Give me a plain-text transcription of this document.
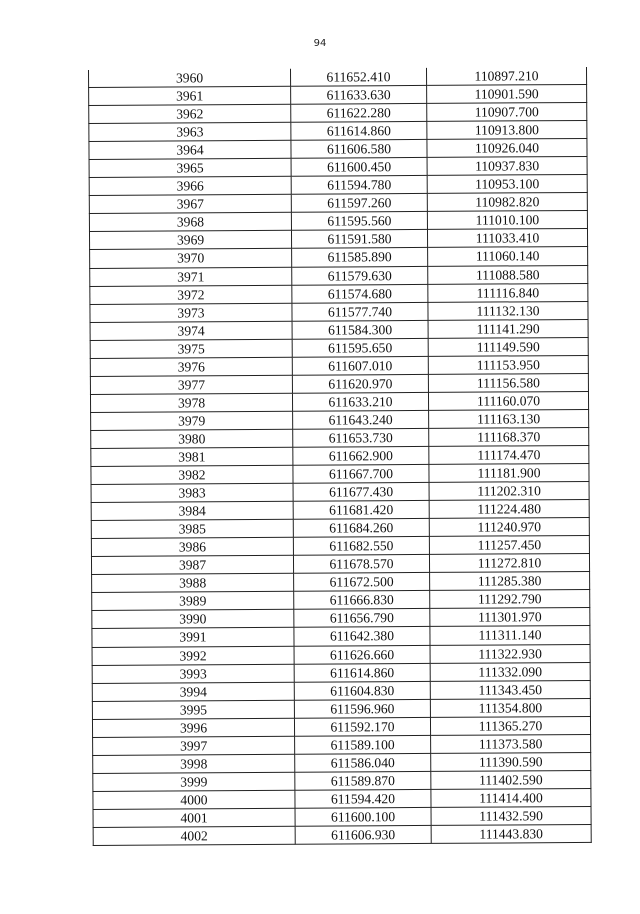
94
3960	611652.410	110897.210
3961	611633.630	110901.590
3962	611622.280	110907.700
3963	611614.860	110913.800
3964	611606.580	110926.040
3965	611600.450	110937.830
3966	611594.780	110953.100
3967	611597.260	110982.820
3968	611595.560	111010.100
3969	611591.580	111033.410
3970	611585.890	111060.140
3971	611579.630	111088.580
3972	611574.680	111116.840
3973	611577.740	111132.130
3974	611584.300	111141.290
3975	611595.650	111149.590
3976	611607.010	111153.950
3977	611620.970	111156.580
3978	611633.210	111160.070
3979	611643.240	111163.130
3980	611653.730	111168.370
3981	611662.900	111174.470
3982	611667.700	111181.900
3983	611677.430	111202.310
3984	611681.420	111224.480
3985	611684.260	111240.970
3986	611682.550	111257.450
3987	611678.570	111272.810
3988	611672.500	111285.380
3989	611666.830	111292.790
3990	611656.790	111301.970
3991	611642.380	111311.140
3992	611626.660	111322.930
3993	611614.860	111332.090
3994	611604.830	111343.450
3995	611596.960	111354.800
3996	611592.170	111365.270
3997	611589.100	111373.580
3998	611586.040	111390.590
3999	611589.870	111402.590
4000	611594.420	111414.400
4001	611600.100	111432.590
4002	611606.930	111443.830
